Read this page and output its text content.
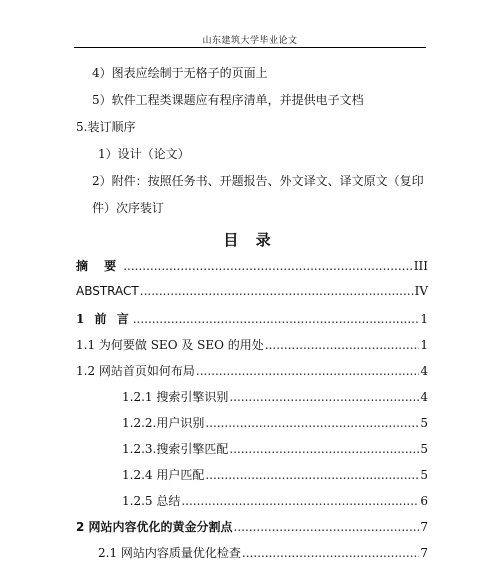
山东建筑大学毕业论文
4）图表应绘制于无格子的页面上
5）软件工程类课题应有程序清单，并提供电子文档
5.装订顺序
1）设计（论文）
2）附件：按照任务书、开题报告、外文译文、译文原文（复印
件）次序装订
目 录
摘 要 .....	III
ABSTRACT .....	IV
1 前 言 .....	1
1.1 为何要做 SEO 及 SEO 的用处 .....	1
1.2 网站首页如何布局 .....	4
1.2.1 搜索引擎识别 .....	4
1.2.2.用户识别 .....	5
1.2.3.搜索引擎匹配 .....	5
1.2.4 用户匹配 .....	5
1.2.5 总结 .....	6
2 网站内容优化的黄金分割点 .....	7
2.1 网站内容质量优化检查 .....	7
